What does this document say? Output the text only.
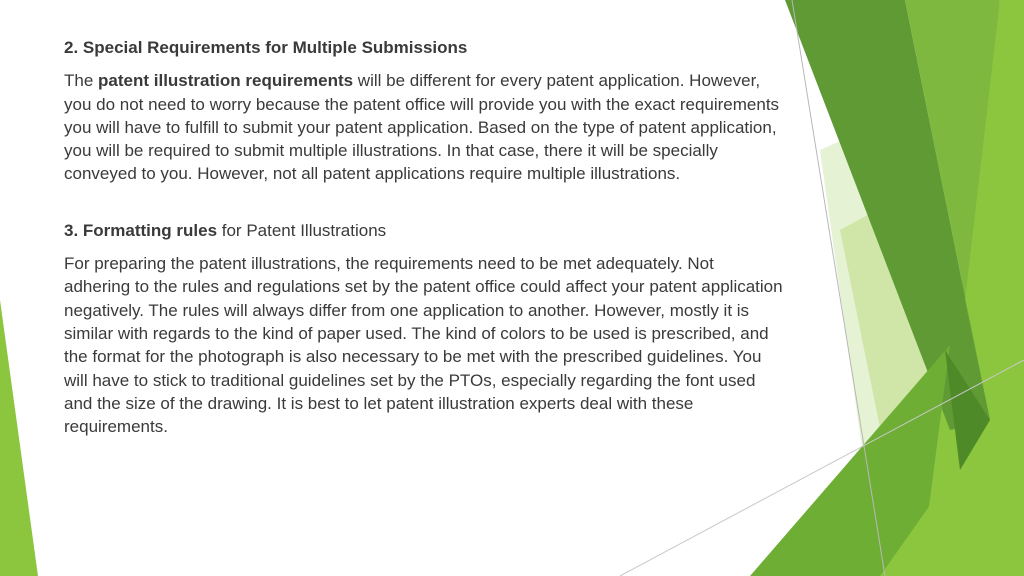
2. Special Requirements for Multiple Submissions

The patent illustration requirements will be different for every patent application. However, you do not need to worry because the patent office will provide you with the exact requirements you will have to fulfill to submit your patent application. Based on the type of patent application, you will be required to submit multiple illustrations. In that case, there it will be specially conveyed to you. However, not all patent applications require multiple illustrations.

3. Formatting rules for Patent Illustrations

For preparing the patent illustrations, the requirements need to be met adequately. Not adhering to the rules and regulations set by the patent office could affect your patent application negatively. The rules will always differ from one application to another. However, mostly it is similar with regards to the kind of paper used. The kind of colors to be used is prescribed, and the format for the photograph is also necessary to be met with the prescribed guidelines. You will have to stick to traditional guidelines set by the PTOs, especially regarding the font used and the size of the drawing. It is best to let patent illustration experts deal with these requirements.
